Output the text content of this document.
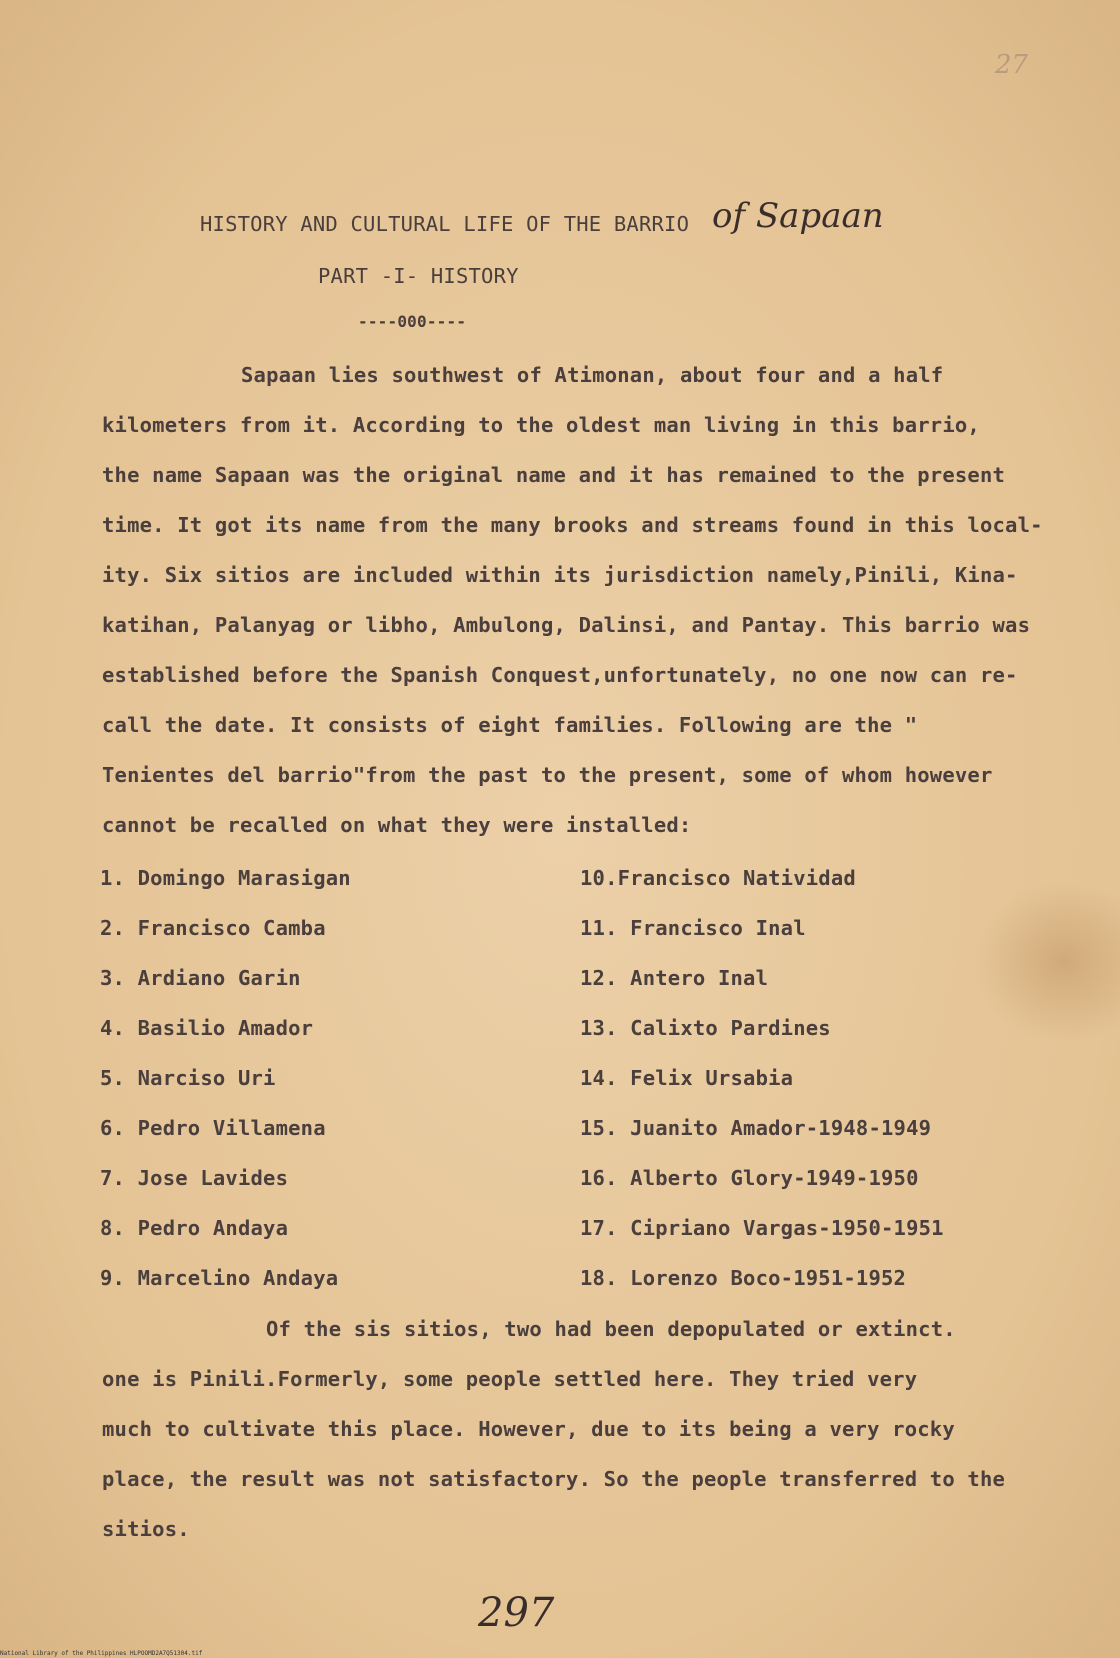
27
HISTORY AND CULTURAL LIFE OF THE BARRIO of Sapaan
PART -I- HISTORY
----000----
Sapaan lies southwest of Atimonan, about four and a half
kilometers from it. According to the oldest man living in this barrio,
the name Sapaan was the original name and it has remained to the present
time. It got its name from the many brooks and streams found in this local-
ity. Six sitios are included within its jurisdiction namely,Pinili, Kina-
katihan, Palanyag or libho, Ambulong, Dalinsi, and Pantay. This barrio was
established before the Spanish Conquest,unfortunately, no one now can re-
call the date. It consists of eight families. Following are the "
Tenientes del barrio"from the past to the present, some of whom however
cannot be recalled on what they were installed:
1. Domingo Marasigan
2. Francisco Camba
3. Ardiano Garin
4. Basilio Amador
5. Narciso Uri
6. Pedro Villamena
7. Jose Lavides
8. Pedro Andaya
9. Marcelino Andaya
10.Francisco Natividad
11. Francisco Inal
12. Antero Inal
13. Calixto Pardines
14. Felix Ursabia
15. Juanito Amador-1948-1949
16. Alberto Glory-1949-1950
17. Cipriano Vargas-1950-1951
18. Lorenzo Boco-1951-1952
Of the sis sitios, two had been depopulated or extinct.
one is Pinili.Formerly, some people settled here. They tried very
much to cultivate this place. However, due to its being a very rocky
place, the result was not satisfactory. So the people transferred to the
sitios.
297
National Library of the Philippines HLPOOMD2A7Q51304.tif
